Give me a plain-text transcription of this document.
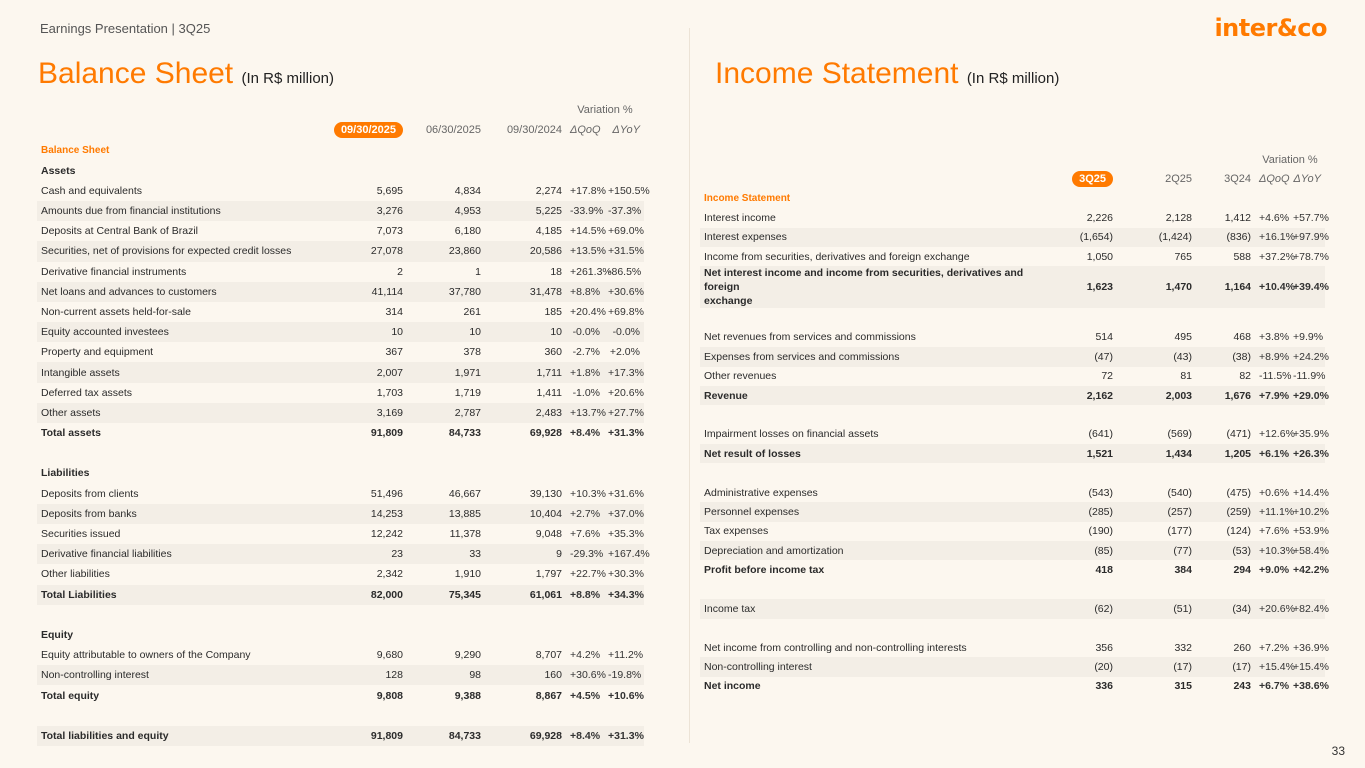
Earnings Presentation | 3Q25	inter&co
Balance Sheet (In R$ million)	Income Statement (In R$ million)
				Variation %	
	09/30/2025	06/30/2025	09/30/2024	ΔQoQ	ΔYoY
Balance Sheet					
Assets					
Cash and equivalents	5,695	4,834	2,274	+17.8%	+150.5%
Amounts due from financial institutions	3,276	4,953	5,225	-33.9%	-37.3%
Deposits at Central Bank of Brazil	7,073	6,180	4,185	+14.5%	+69.0%
Securities, net of provisions for expected credit losses	27,078	23,860	20,586	+13.5%	+31.5%
Derivative financial instruments	2	1	18	+261.3%	-86.5%
Net loans and advances to customers	41,114	37,780	31,478	+8.8%	+30.6%
Non-current assets held-for-sale	314	261	185	+20.4%	+69.8%
Equity accounted investees	10	10	10	-0.0%	-0.0%
Property and equipment	367	378	360	-2.7%	+2.0%
Intangible assets	2,007	1,971	1,711	+1.8%	+17.3%
Deferred tax assets	1,703	1,719	1,411	-1.0%	+20.6%
Other assets	3,169	2,787	2,483	+13.7%	+27.7%
Total assets	91,809	84,733	69,928	+8.4%	+31.3%

Liabilities					
Deposits from clients	51,496	46,667	39,130	+10.3%	+31.6%
Deposits from banks	14,253	13,885	10,404	+2.7%	+37.0%
Securities issued	12,242	11,378	9,048	+7.6%	+35.3%
Derivative financial liabilities	23	33	9	-29.3%	+167.4%
Other liabilities	2,342	1,910	1,797	+22.7%	+30.3%
Total Liabilities	82,000	75,345	61,061	+8.8%	+34.3%

Equity					
Equity attributable to owners of the Company	9,680	9,290	8,707	+4.2%	+11.2%
Non-controlling interest	128	98	160	+30.6%	-19.8%
Total equity	9,808	9,388	8,867	+4.5%	+10.6%

Total liabilities and equity	91,809	84,733	69,928	+8.4%	+31.3%
				Variation %	
	3Q25	2Q25	3Q24	ΔQoQ	ΔYoY
Income Statement					
Interest income	2,226	2,128	1,412	+4.6%	+57.7%
Interest expenses	(1,654)	(1,424)	(836)	+16.1%	+97.9%
Income from securities, derivatives and foreign exchange	1,050	765	588	+37.2%	+78.7%
Net interest income and income from securities, derivatives and foreign
exchange	1,623	1,470	1,164	+10.4%	+39.4%

Net revenues from services and commissions	514	495	468	+3.8%	+9.9%
Expenses from services and commissions	(47)	(43)	(38)	+8.9%	+24.2%
Other revenues	72	81	82	-11.5%	-11.9%
Revenue	2,162	2,003	1,676	+7.9%	+29.0%

Impairment losses on financial assets	(641)	(569)	(471)	+12.6%	+35.9%
Net result of losses	1,521	1,434	1,205	+6.1%	+26.3%

Administrative expenses	(543)	(540)	(475)	+0.6%	+14.4%
Personnel expenses	(285)	(257)	(259)	+11.1%	+10.2%
Tax expenses	(190)	(177)	(124)	+7.6%	+53.9%
Depreciation and amortization	(85)	(77)	(53)	+10.3%	+58.4%
Profit before income tax	418	384	294	+9.0%	+42.2%

Income tax	(62)	(51)	(34)	+20.6%	+82.4%

Net income from controlling and non-controlling interests	356	332	260	+7.2%	+36.9%
Non-controlling interest	(20)	(17)	(17)	+15.4%	+15.4%
Net income	336	315	243	+6.7%	+38.6%
33
